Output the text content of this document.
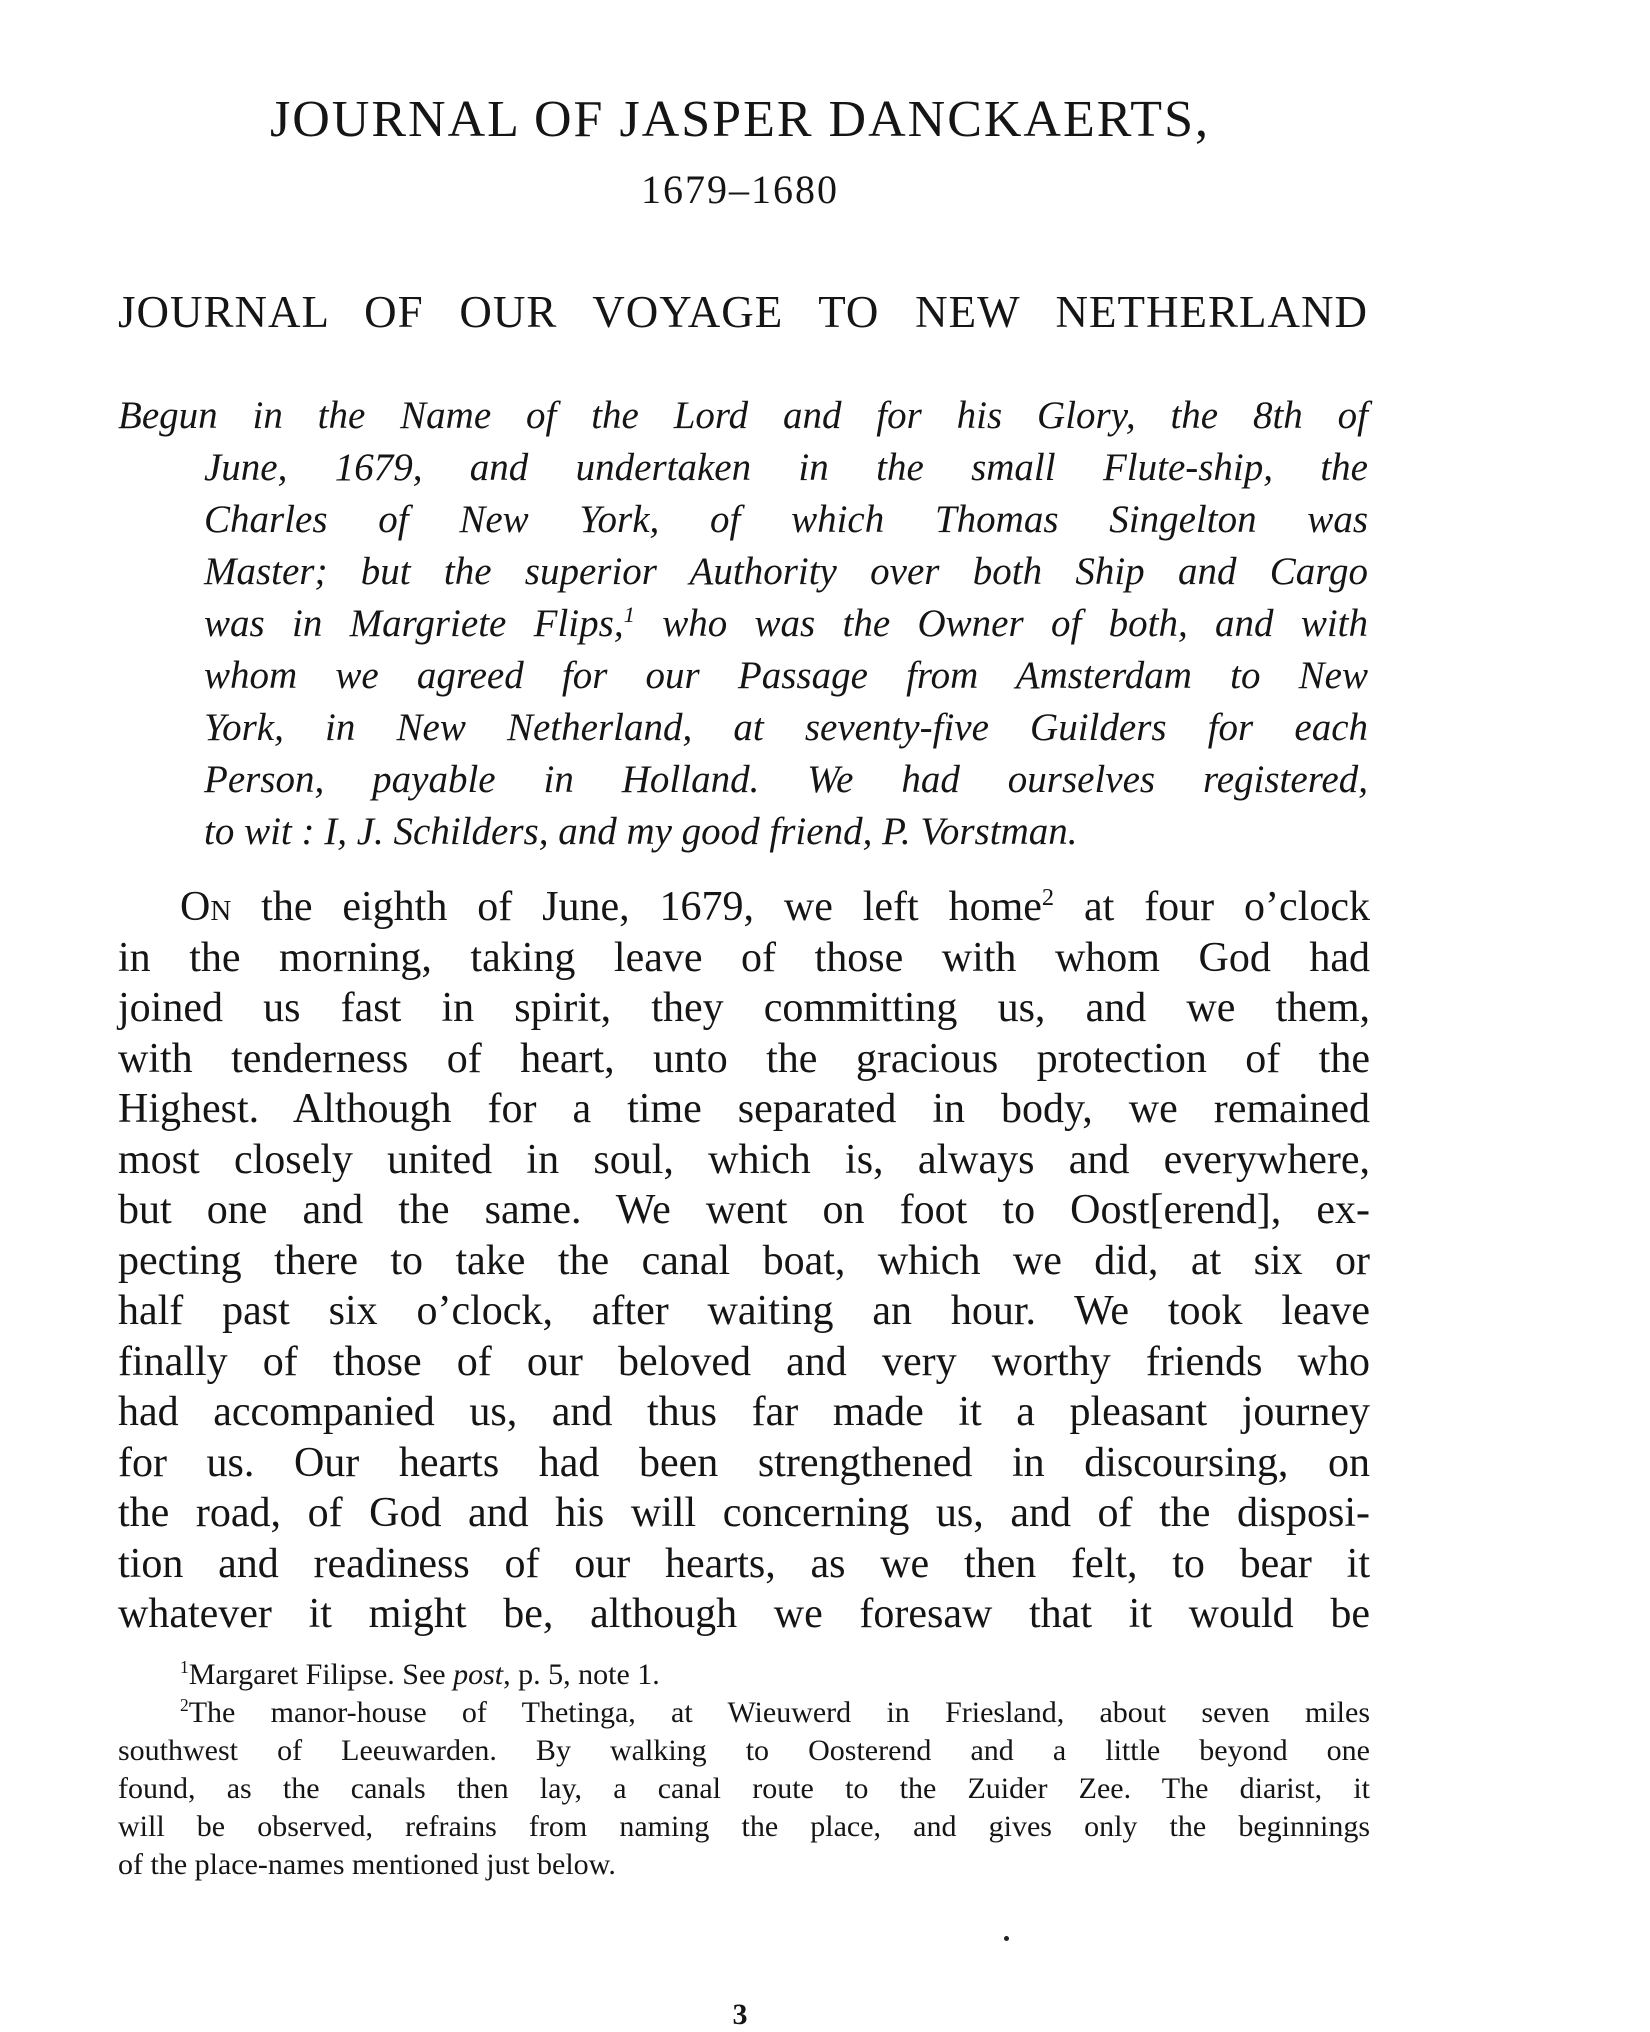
JOURNAL OF JASPER DANCKAERTS,
1679–1680
JOURNAL OF OUR VOYAGE TO NEW NETHERLAND
Begun in the Name of the Lord and for his Glory, the 8th of
June, 1679, and undertaken in the small Flute-ship, the
Charles of New York, of which Thomas Singelton was
Master; but the superior Authority over both Ship and Cargo
was in Margriete Flips,$^1$ who was the Owner of both, and with
whom we agreed for our Passage from Amsterdam to New
York, in New Netherland, at seventy-five Guilders for each
Person, payable in Holland. We had ourselves registered,
to wit : I, J. Schilders, and my good friend, P. Vorstman.
On the eighth of June, 1679, we left home$^2$ at four o’clock
in the morning, taking leave of those with whom God had
joined us fast in spirit, they committing us, and we them,
with tenderness of heart, unto the gracious protection of the
Highest. Although for a time separated in body, we remained
most closely united in soul, which is, always and everywhere,
but one and the same. We went on foot to Oost[erend], ex-
pecting there to take the canal boat, which we did, at six or
half past six o’clock, after waiting an hour. We took leave
finally of those of our beloved and very worthy friends who
had accompanied us, and thus far made it a pleasant journey
for us. Our hearts had been strengthened in discoursing, on
the road, of God and his will concerning us, and of the disposi-
tion and readiness of our hearts, as we then felt, to bear it
whatever it might be, although we foresaw that it would be
$^1$Margaret Filipse. See post, p. 5, note 1.
$^2$The manor-house of Thetinga, at Wieuwerd in Friesland, about seven miles
southwest of Leeuwarden. By walking to Oosterend and a little beyond one
found, as the canals then lay, a canal route to the Zuider Zee. The diarist, it
will be observed, refrains from naming the place, and gives only the beginnings
of the place-names mentioned just below.
3
